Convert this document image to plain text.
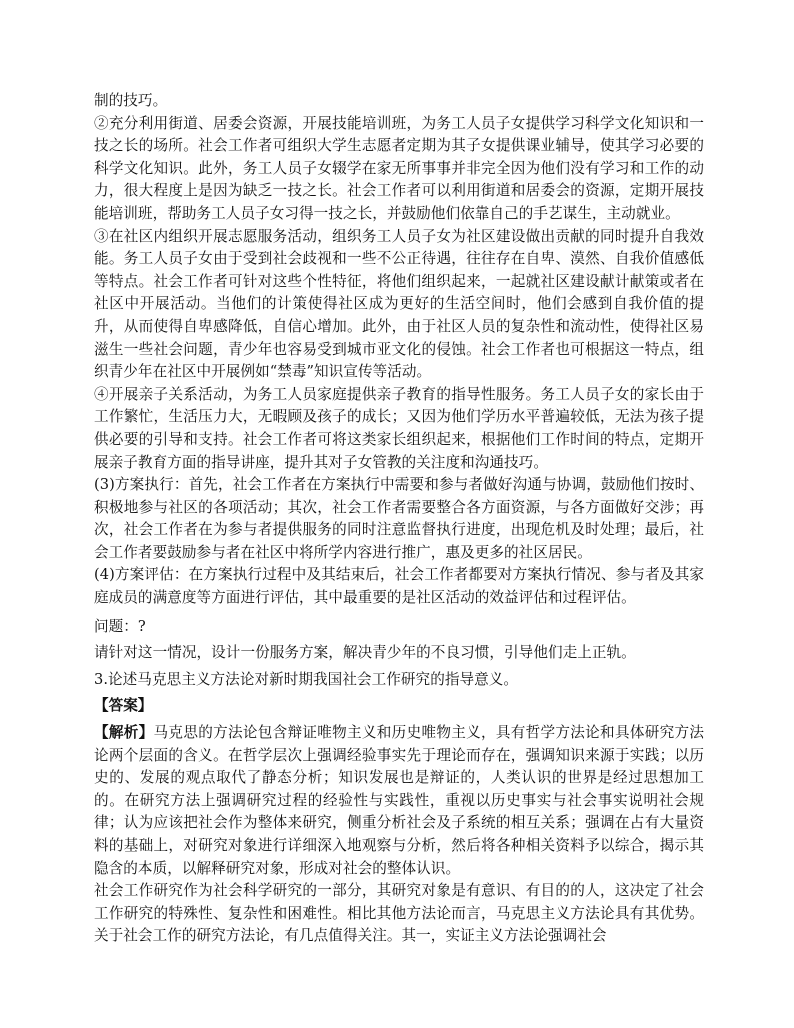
制的技巧。

②充分利用街道、居委会资源，开展技能培训班，为务工人员子女提供学习科学文化知识和一技之长的场所。社会工作者可组织大学生志愿者定期为其子女提供课业辅导，使其学习必要的科学文化知识。此外，务工人员子女辍学在家无所事事并非完全因为他们没有学习和工作的动力，很大程度上是因为缺乏一技之长。社会工作者可以利用街道和居委会的资源，定期开展技能培训班，帮助务工人员子女习得一技之长，并鼓励他们依靠自己的手艺谋生，主动就业。

③在社区内组织开展志愿服务活动，组织务工人员子女为社区建设做出贡献的同时提升自我效能。务工人员子女由于受到社会歧视和一些不公正待遇，往往存在自卑、漠然、自我价值感低等特点。社会工作者可针对这些个性特征，将他们组织起来，一起就社区建设献计献策或者在社区中开展活动。当他们的计策使得社区成为更好的生活空间时，他们会感到自我价值的提升，从而使得自卑感降低，自信心增加。此外，由于社区人员的复杂性和流动性，使得社区易滋生一些社会问题，青少年也容易受到城市亚文化的侵蚀。社会工作者也可根据这一特点，组织青少年在社区中开展例如“禁毒”知识宣传等活动。

④开展亲子关系活动，为务工人员家庭提供亲子教育的指导性服务。务工人员子女的家长由于工作繁忙，生活压力大，无暇顾及孩子的成长；又因为他们学历水平普遍较低，无法为孩子提供必要的引导和支持。社会工作者可将这类家长组织起来，根据他们工作时间的特点，定期开展亲子教育方面的指导讲座，提升其对子女管教的关注度和沟通技巧。

(3)方案执行：首先，社会工作者在方案执行中需要和参与者做好沟通与协调，鼓励他们按时、积极地参与社区的各项活动；其次，社会工作者需要整合各方面资源，与各方面做好交涉；再次，社会工作者在为参与者提供服务的同时注意监督执行进度，出现危机及时处理；最后，社会工作者要鼓励参与者在社区中将所学内容进行推广，惠及更多的社区居民。

(4)方案评估：在方案执行过程中及其结束后，社会工作者都要对方案执行情况、参与者及其家庭成员的满意度等方面进行评估，其中最重要的是社区活动的效益评估和过程评估。

问题：?

请针对这一情况，设计一份服务方案，解决青少年的不良习惯，引导他们走上正轨。

3.论述马克思主义方法论对新时期我国社会工作研究的指导意义。

【答案】

【解析】马克思的方法论包含辩证唯物主义和历史唯物主义，具有哲学方法论和具体研究方法论两个层面的含义。在哲学层次上强调经验事实先于理论而存在，强调知识来源于实践；以历史的、发展的观点取代了静态分析；知识发展也是辩证的，人类认识的世界是经过思想加工的。在研究方法上强调研究过程的经验性与实践性，重视以历史事实与社会事实说明社会规律；认为应该把社会作为整体来研究，侧重分析社会及子系统的相互关系；强调在占有大量资料的基础上，对研究对象进行详细深入地观察与分析，然后将各种相关资料予以综合，揭示其隐含的本质，以解释研究对象，形成对社会的整体认识。

社会工作研究作为社会科学研究的一部分，其研究对象是有意识、有目的的人，这决定了社会工作研究的特殊性、复杂性和困难性。相比其他方法论而言，马克思主义方法论具有其优势。关于社会工作的研究方法论，有几点值得关注。其一，实证主义方法论强调社会
